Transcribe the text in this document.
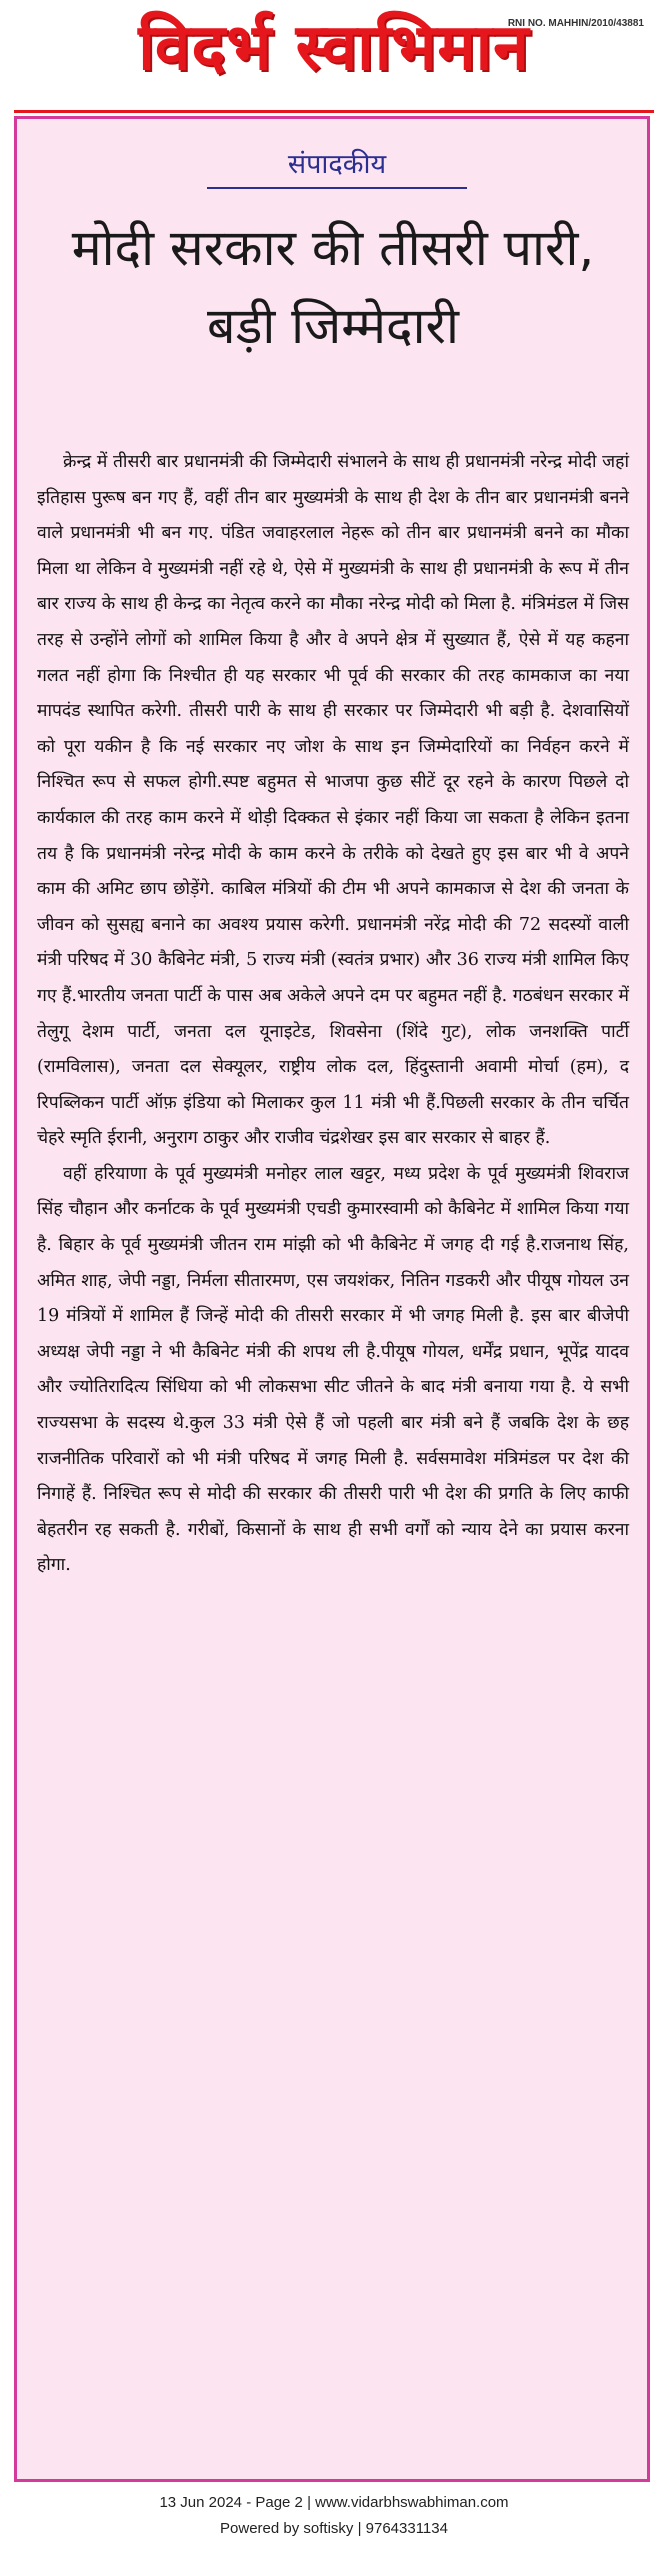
विदर्भ स्वाभिमान
RNI NO. MAHHIN/2010/43881
संपादकीय
मोदी सरकार की तीसरी पारी, बड़ी जिम्मेदारी

क्रेन्द्र में तीसरी बार प्रधानमंत्री की जिम्मेदारी संभालने के साथ ही प्रधानमंत्री नरेन्द्र मोदी जहां इतिहास पुरूष बन गए हैं, वहीं तीन बार मुख्यमंत्री के साथ ही देश के तीन बार प्रधानमंत्री बनने वाले प्रधानमंत्री भी बन गए. पंडित जवाहरलाल नेहरू को तीन बार प्रधानमंत्री बनने का मौका मिला था लेकिन वे मुख्यमंत्री नहीं रहे थे, ऐसे में मुख्यमंत्री के साथ ही प्रधानमंत्री के रूप में तीन बार राज्य के साथ ही केन्द्र का नेतृत्व करने का मौका नरेन्द्र मोदी को मिला है. मंत्रिमंडल में जिस तरह से उन्होंने लोगों को शामिल किया है और वे अपने क्षेत्र में सुख्यात हैं, ऐसे में यह कहना गलत नहीं होगा कि निश्चीत ही यह सरकार भी पूर्व की सरकार की तरह कामकाज का नया मापदंड स्थापित करेगी. तीसरी पारी के साथ ही सरकार पर जिम्मेदारी भी बड़ी है. देशवासियों को पूरा यकीन है कि नई सरकार नए जोश के साथ इन जिम्मेदारियों का निर्वहन करने में निश्चित रूप से सफल होगी.स्पष्ट बहुमत से भाजपा कुछ सीटें दूर रहने के कारण पिछले दो कार्यकाल की तरह काम करने में थोड़ी दिक्कत से इंकार नहीं किया जा सकता है लेकिन इतना तय है कि प्रधानमंत्री नरेन्द्र मोदी के काम करने के तरीके को देखते हुए इस बार भी वे अपने काम की अमिट छाप छोड़ेंगे. काबिल मंत्रियों की टीम भी अपने कामकाज से देश की जनता के जीवन को सुसह्य बनाने का अवश्य प्रयास करेगी. प्रधानमंत्री नरेंद्र मोदी की 72 सदस्यों वाली मंत्री परिषद में 30 कैबिनेट मंत्री, 5 राज्य मंत्री (स्वतंत्र प्रभार) और 36 राज्य मंत्री शामिल किए गए हैं.भारतीय जनता पार्टी के पास अब अकेले अपने दम पर बहुमत नहीं है. गठबंधन सरकार में तेलुगू देशम पार्टी, जनता दल यूनाइटेड, शिवसेना (शिंदे गुट), लोक जनशक्ति पार्टी (रामविलास), जनता दल सेक्यूलर, राष्ट्रीय लोक दल, हिंदुस्तानी अवामी मोर्चा (हम), द रिपब्लिकन पार्टी ऑफ़ इंडिया को मिलाकर कुल 11 मंत्री भी हैं.पिछली सरकार के तीन चर्चित चेहरे स्मृति ईरानी, अनुराग ठाकुर और राजीव चंद्रशेखर इस बार सरकार से बाहर हैं.

वहीं हरियाणा के पूर्व मुख्यमंत्री मनोहर लाल खट्टर, मध्य प्रदेश के पूर्व मुख्यमंत्री शिवराज सिंह चौहान और कर्नाटक के पूर्व मुख्यमंत्री एचडी कुमारस्वामी को कैबिनेट में शामिल किया गया है. बिहार के पूर्व मुख्यमंत्री जीतन राम मांझी को भी कैबिनेट में जगह दी गई है.राजनाथ सिंह, अमित शाह, जेपी नड्डा, निर्मला सीतारमण, एस जयशंकर, नितिन गडकरी और पीयूष गोयल उन 19 मंत्रियों में शामिल हैं जिन्हें मोदी की तीसरी सरकार में भी जगह मिली है. इस बार बीजेपी अध्यक्ष जेपी नड्डा ने भी कैबिनेट मंत्री की शपथ ली है.पीयूष गोयल, धर्मेंद्र प्रधान, भूपेंद्र यादव और ज्योतिरादित्य सिंधिया को भी लोकसभा सीट जीतने के बाद मंत्री बनाया गया है. ये सभी राज्यसभा के सदस्य थे.कुल 33 मंत्री ऐसे हैं जो पहली बार मंत्री बने हैं जबकि देश के छह राजनीतिक परिवारों को भी मंत्री परिषद में जगह मिली है. सर्वसमावेश मंत्रिमंडल पर देश की निगाहें हैं. निश्चित रूप से मोदी की सरकार की तीसरी पारी भी देश की प्रगति के लिए काफी बेहतरीन रह सकती है. गरीबों, किसानों के साथ ही सभी वर्गों को न्याय देने का प्रयास करना होगा.

13 Jun 2024 - Page 2 | www.vidarbhswabhiman.com
Powered by softisky | 9764331134
